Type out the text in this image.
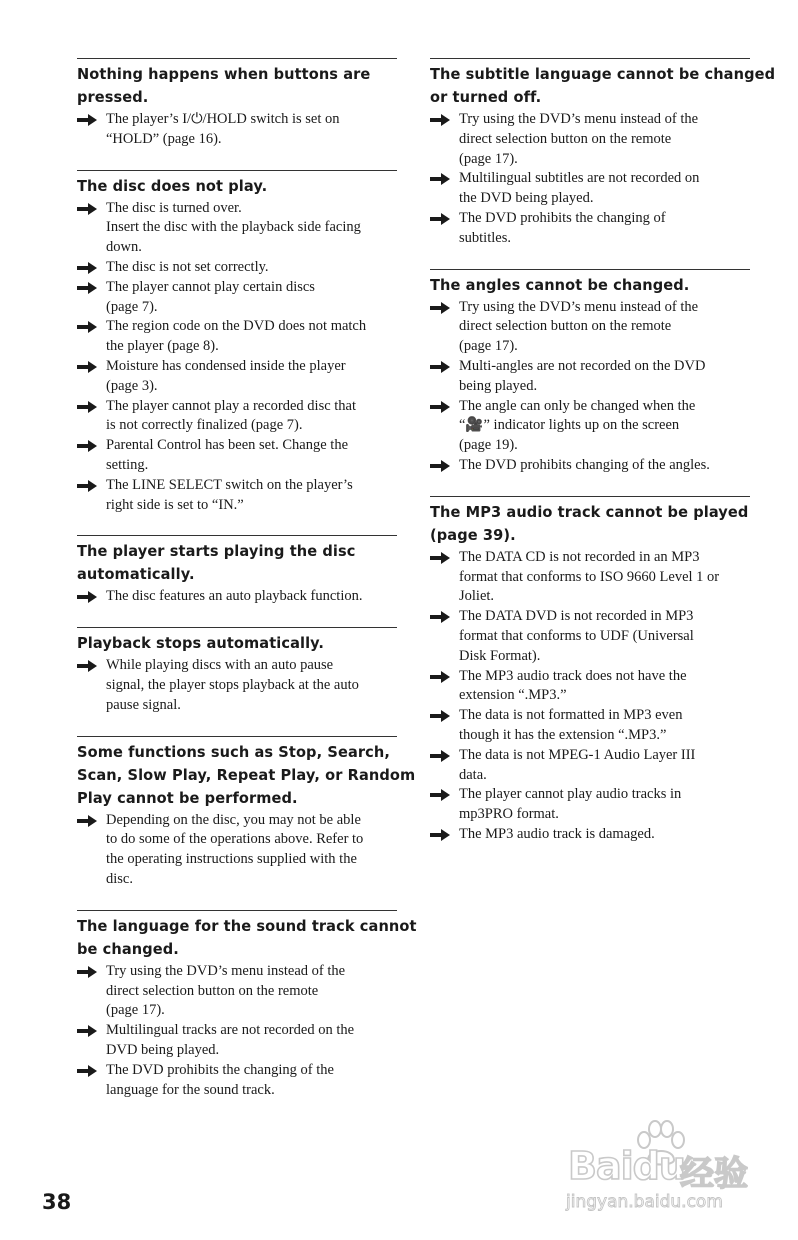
Nothing happens when buttons are
pressed.
The player’s I/⏻/HOLD switch is set on
“HOLD” (page 16).
The disc does not play.
The disc is turned over.
Insert the disc with the playback side facing
down.
The disc is not set correctly.
The player cannot play certain discs
(page 7).
The region code on the DVD does not match
the player (page 8).
Moisture has condensed inside the player
(page 3).
The player cannot play a recorded disc that
is not correctly finalized (page 7).
Parental Control has been set. Change the
setting.
The LINE SELECT switch on the player’s
right side is set to “IN.”
The player starts playing the disc
automatically.
The disc features an auto playback function.
Playback stops automatically.
While playing discs with an auto pause
signal, the player stops playback at the auto
pause signal.
Some functions such as Stop, Search,
Scan, Slow Play, Repeat Play, or Random
Play cannot be performed.
Depending on the disc, you may not be able
to do some of the operations above. Refer to
the operating instructions supplied with the
disc.
The language for the sound track cannot
be changed.
Try using the DVD’s menu instead of the
direct selection button on the remote
(page 17).
Multilingual tracks are not recorded on the
DVD being played.
The DVD prohibits the changing of the
language for the sound track.
The subtitle language cannot be changed
or turned off.
Try using the DVD’s menu instead of the
direct selection button on the remote
(page 17).
Multilingual subtitles are not recorded on
the DVD being played.
The DVD prohibits the changing of
subtitles.
The angles cannot be changed.
Try using the DVD’s menu instead of the
direct selection button on the remote
(page 17).
Multi-angles are not recorded on the DVD
being played.
The angle can only be changed when the
“🎥” indicator lights up on the screen
(page 19).
The DVD prohibits changing of the angles.
The MP3 audio track cannot be played
(page 39).
The DATA CD is not recorded in an MP3
format that conforms to ISO 9660 Level 1 or
Joliet.
The DATA DVD is not recorded in MP3
format that conforms to UDF (Universal
Disk Format).
The MP3 audio track does not have the
extension “.MP3.”
The data is not formatted in MP3 even
though it has the extension “.MP3.”
The data is not MPEG-1 Audio Layer III
data.
The player cannot play audio tracks in
mp3PRO format.
The MP3 audio track is damaged.
38
Baidu
经验
jingyan.baidu.com
